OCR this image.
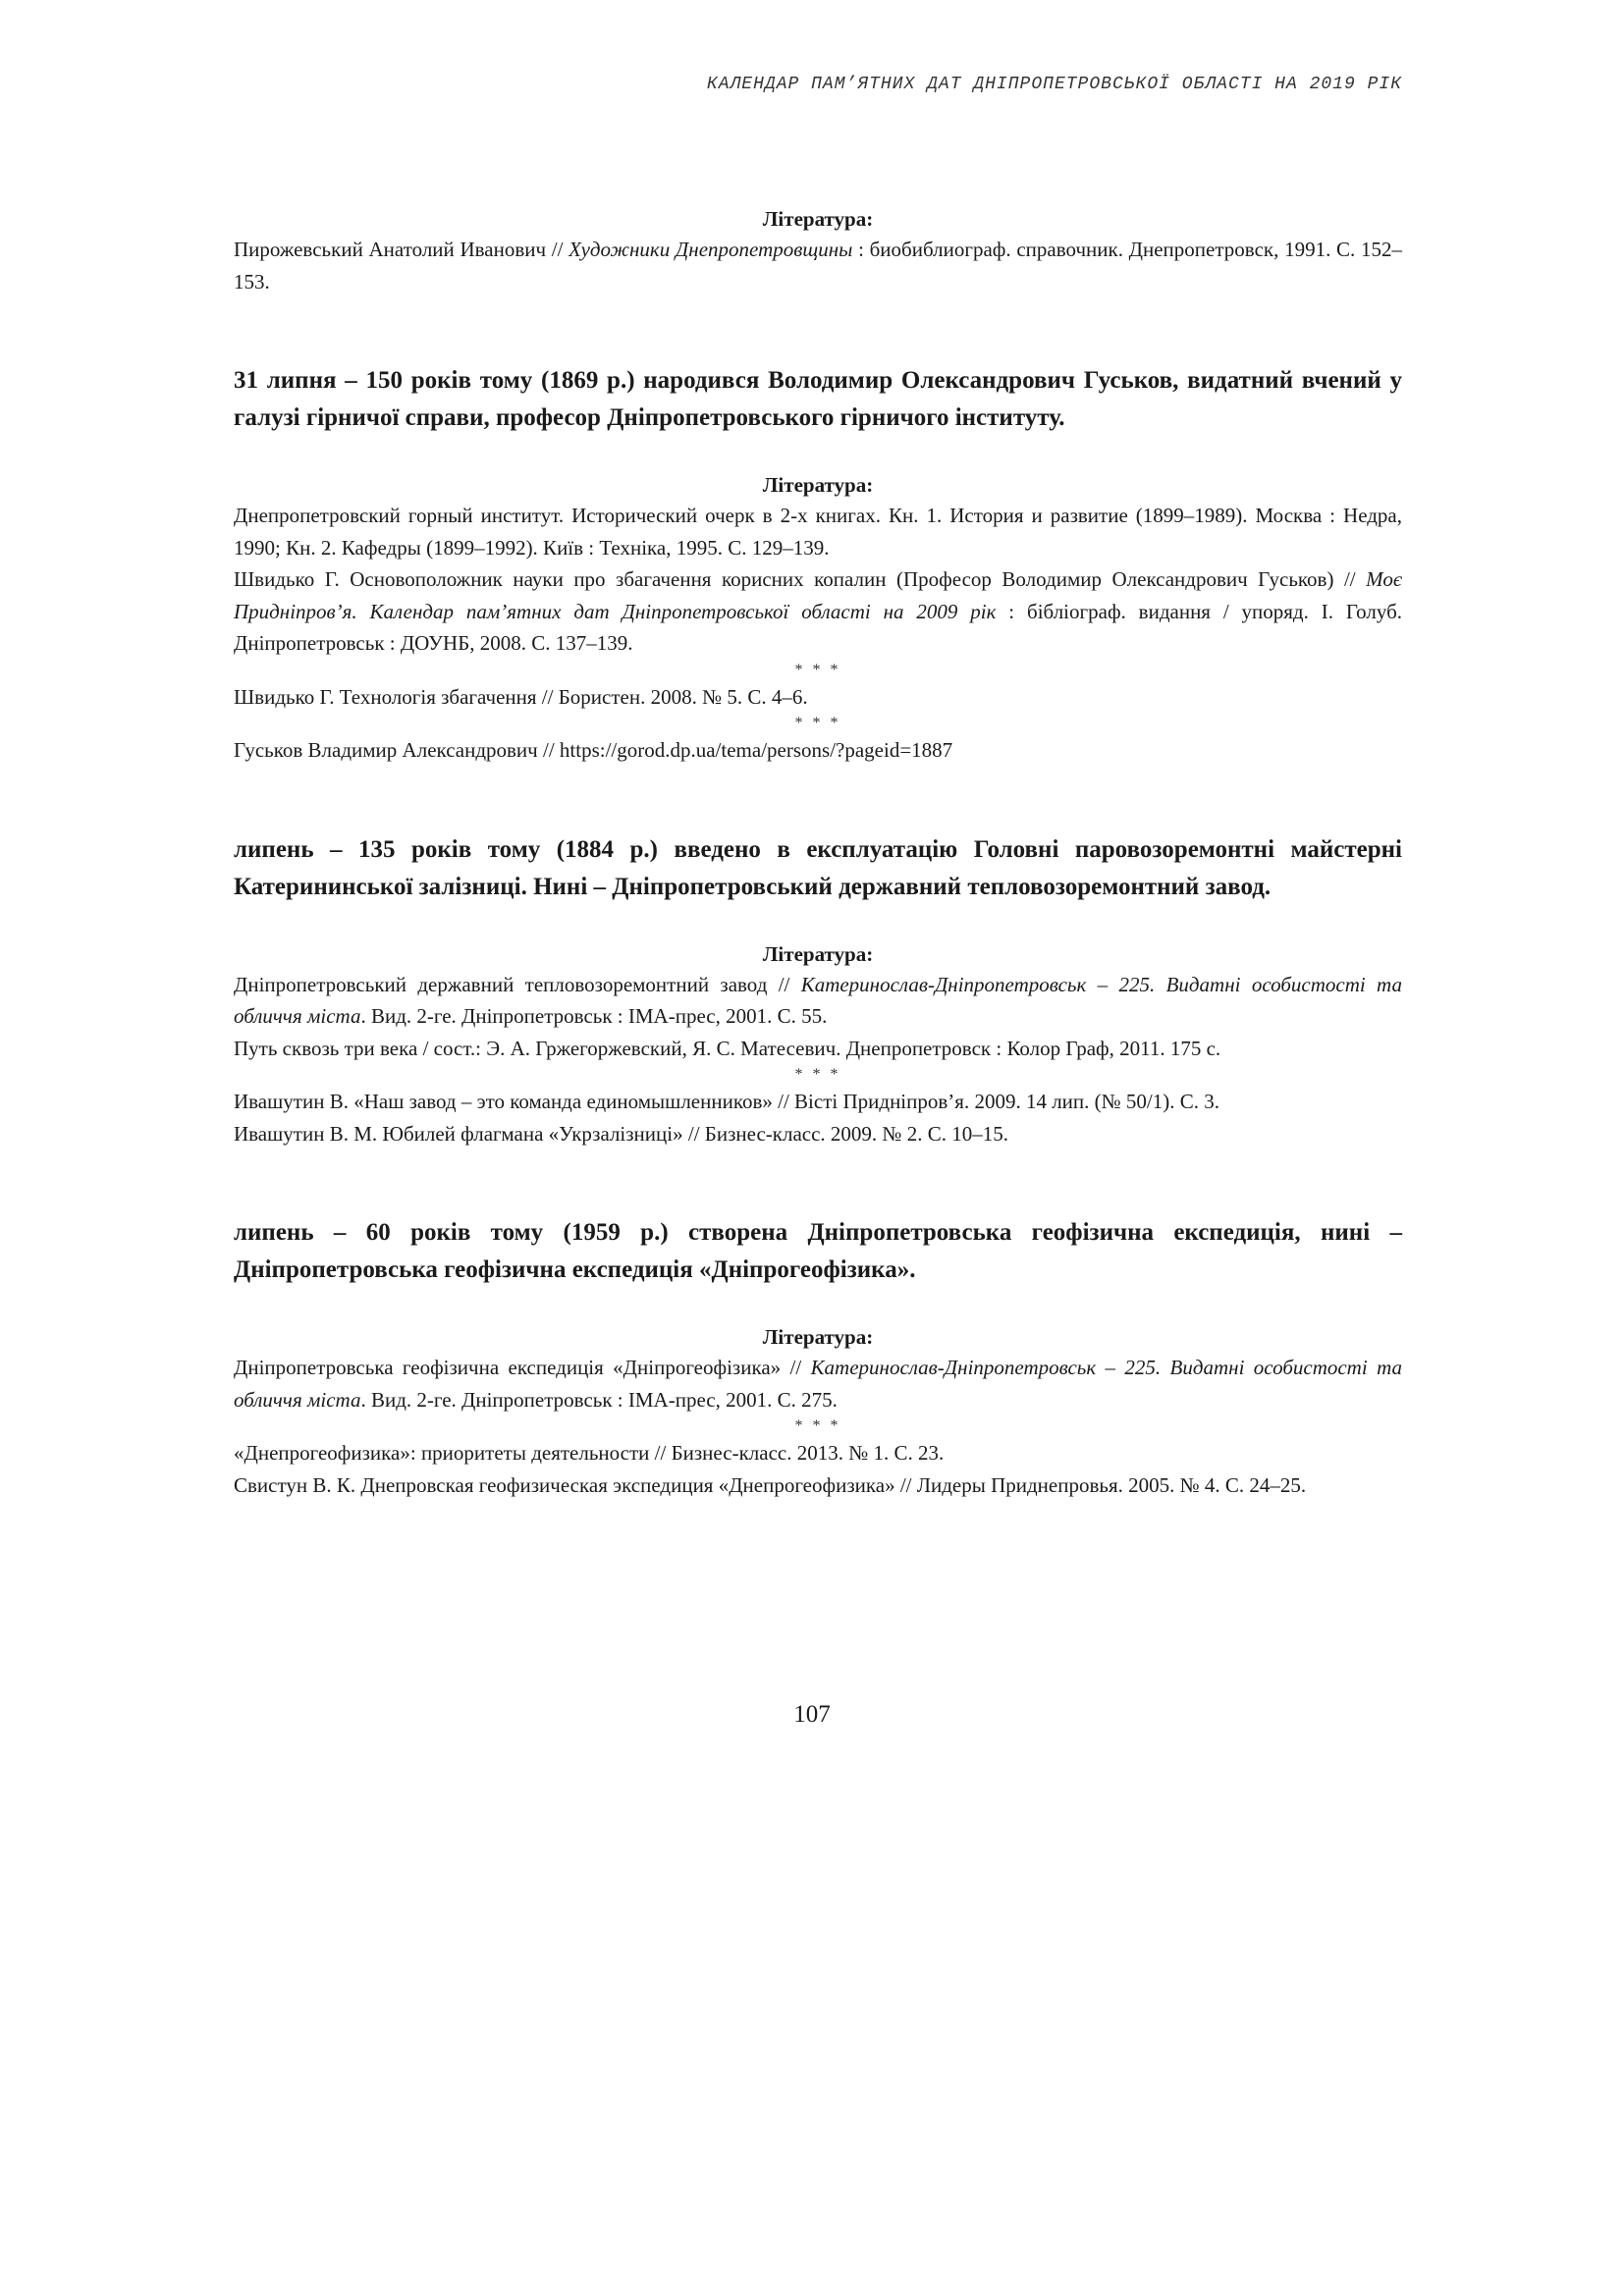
КАЛЕНДАР ПАМ’ЯТНИХ ДАТ ДНІПРОПЕТРОВСЬКОЇ ОБЛАСТІ НА 2019 РІК

Література:

Пирожевський Анатолий Иванович // Художники Днепропетровщины : биобиблиограф. справочник. Днепропетровск, 1991. С. 152–153.

31 липня – 150 років тому (1869 р.) народився Володимир Олександрович Гуськов, видатний вчений у галузі гірничої справи, професор Дніпропетровського гірничого інституту.

Література:

Днепропетровский горный институт. Исторический очерк в 2-х книгах. Кн. 1. История и развитие (1899–1989). Москва : Недра, 1990; Кн. 2. Кафедры (1899–1992). Київ : Техніка, 1995. С. 129–139.

Швидько Г. Основоположник науки про збагачення корисних копалин (Професор Володимир Олександрович Гуськов) // Моє Придніпров’я. Календар пам’ятних дат Дніпропетровської області на 2009 рік : бібліограф. видання / упоряд. І. Голуб. Дніпропетровськ : ДОУНБ, 2008. С. 137–139.

* * *

Швидько Г. Технологія збагачення // Бористен. 2008. № 5. С. 4–6.

* * *

Гуськов Владимир Александрович // https://gorod.dp.ua/tema/persons/?pageid=1887

липень – 135 років тому (1884 р.) введено в експлуатацію Головні паровозоремонтні майстерні Катерининської залізниці. Нині – Дніпропетровський державний тепловозоремонтний завод.

Література:

Дніпропетровський державний тепловозоремонтний завод // Катеринослав-Дніпропетровськ – 225. Видатні особистості та обличчя міста. Вид. 2-ге. Дніпропетровськ : ІМА-прес, 2001. С. 55.

Путь сквозь три века / сост.: Э. А. Гржегоржевский, Я. С. Матесевич. Днепропетровск : Колор Граф, 2011. 175 с.

* * *

Ивашутин В. «Наш завод – это команда единомышленников» // Вісті Придніпров’я. 2009. 14 лип. (№ 50/1). С. 3.

Ивашутин В. М. Юбилей флагмана «Укрзалізниці» // Бизнес-класс. 2009. № 2. С. 10–15.

липень – 60 років тому (1959 р.) створена Дніпропетровська геофізична експедиція, нині – Дніпропетровська геофізична експедиція «Дніпрогеофізика».

Література:

Дніпропетровська геофізична експедиція «Дніпрогеофізика» // Катеринослав-Дніпропетровськ – 225. Видатні особистості та обличчя міста. Вид. 2-ге. Дніпропетровськ : ІМА-прес, 2001. С. 275.

* * *

«Днепрогеофизика»: приоритеты деятельности // Бизнес-класс. 2013. № 1. С. 23.

Свистун В. К. Днепровская геофизическая экспедиция «Днепрогеофизика» // Лидеры Приднепровья. 2005. № 4. С. 24–25.

107
